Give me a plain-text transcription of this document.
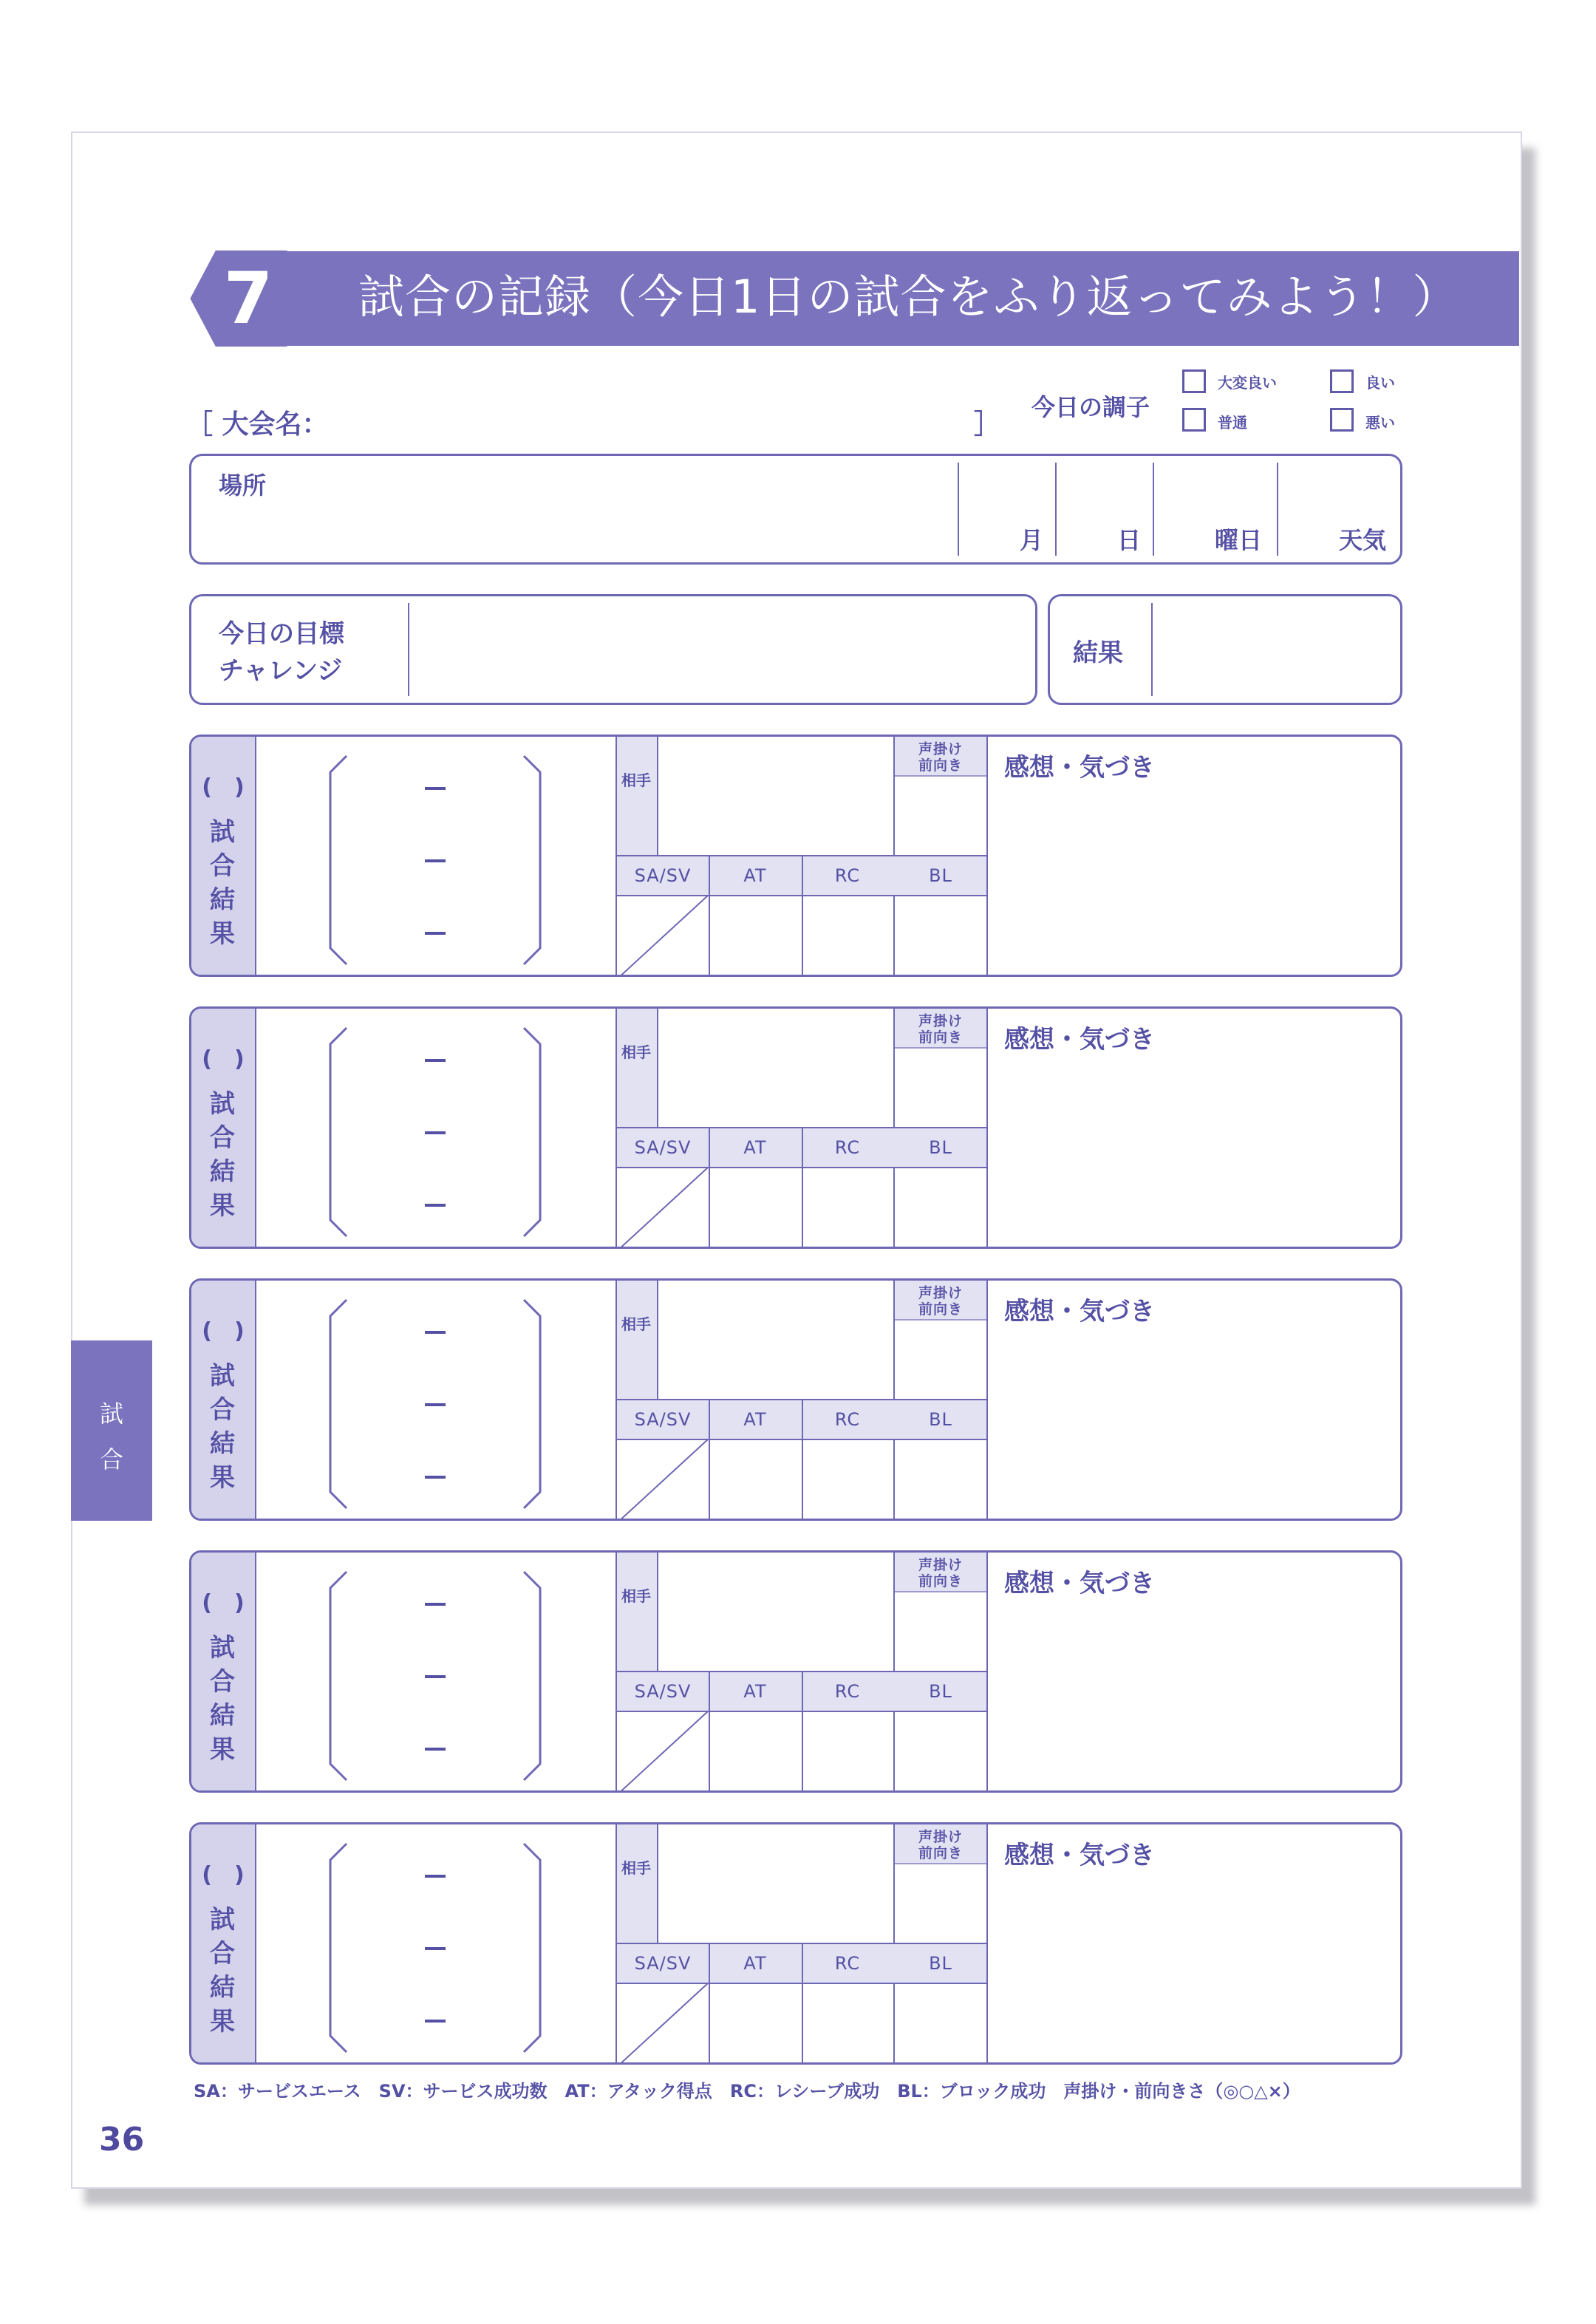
7 試合の記録（今日1日の試合をふり返ってみよう！）
［ 大会名：	］
今日の調子
大変良い	良い
普通	悪い
場所
月	日	曜日	天気
今日の目標
チャレンジ
結果
(　)
試
合
結
果
相手
声掛け
前向き
SA/SV	AT	RC	BL
感想・気づき
(　)
試
合
結
果
相手
声掛け
前向き
SA/SV	AT	RC	BL
感想・気づき
(　)
試
合
結
果
相手
声掛け
前向き
SA/SV	AT	RC	BL
感想・気づき
(　)
試
合
結
果
相手
声掛け
前向き
SA/SV	AT	RC	BL
感想・気づき
(　)
試
合
結
果
相手
声掛け
前向き
SA/SV	AT	RC	BL
感想・気づき
試
合
SA：サービスエース　SV：サービス成功数　AT：アタック得点　RC：レシーブ成功　BL：ブロック成功　声掛け・前向きさ（◎○△×）
36
